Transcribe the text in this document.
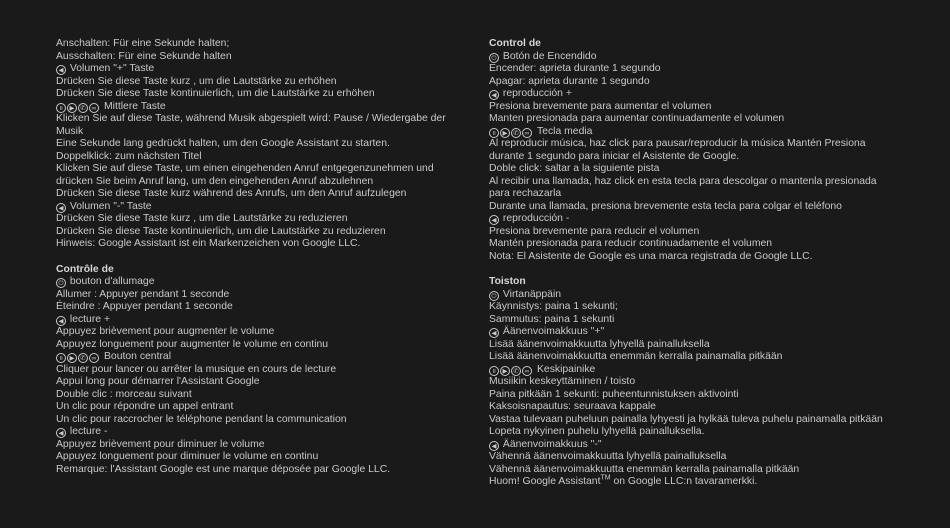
Anschalten: Für eine Sekunde halten;
Ausschalten: Für eine Sekunde halten
◀ Volumen "+" Taste
Drücken Sie diese Taste kurz , um die Lautstärke zu erhöhen
Drücken Sie diese Taste kontinuierlich, um die Lautstärke zu erhöhen
॥ ▶ ✆ ∞ Mittlere Taste
Klicken Sie auf diese Taste, während Musik abgespielt wird: Pause / Wiedergabe der Musik
Eine Sekunde lang gedrückt halten, um den Google Assistant zu starten.
Doppelklick: zum nächsten Titel
Klicken Sie auf diese Taste, um einen eingehenden Anruf entgegenzunehmen und drücken Sie beim Anruf lang, um den eingehenden Anruf abzulehnen
Drücken Sie diese Taste kurz während des Anrufs, um den Anruf aufzulegen
◀ Volumen "-" Taste
Drücken Sie diese Taste kurz , um die Lautstärke zu reduzieren
Drücken Sie diese Taste kontinuierlich, um die Lautstärke zu reduzieren
Hinweis: Google Assistant ist ein Markenzeichen von Google LLC.
Contrôle de
⏻ bouton d'allumage
Allumer : Appuyer pendant 1 seconde
Éteindre : Appuyer pendant 1 seconde
◀ lecture +
Appuyez brièvement pour augmenter le volume
Appuyez longuement pour augmenter le volume en continu
॥ ▶ ✆ ∞ Bouton central
Cliquer pour lancer ou arrêter la musique en cours de lecture
Appui long pour démarrer l'Assistant Google
Double clic : morceau suivant
Un clic pour répondre un appel entrant
Un clic pour raccrocher le téléphone pendant la communication
◀ lecture -
Appuyez brièvement pour diminuer le volume
Appuyez longuement pour diminuer le volume en continu
Remarque: l'Assistant Google est une marque déposée par Google LLC.
Control de
⏻ Botón de Encendido
Encender: aprieta durante 1 segundo
Apagar: aprieta durante 1 segundo
◀ reproducción +
Presiona brevemente para aumentar el volumen
Manten presionada para aumentar continuadamente el volumen
॥ ▶ ✆ ∞ Tecla media
Al reproducir música, haz click para pausar/reproducir la música Mantén Presiona durante 1 segundo para iniciar el Asistente de Google.
Doble click: saltar a la siguiente pista
Al recibir una llamada, haz click en esta tecla para descolgar o mantenla presionada para rechazarla
Durante una llamada, presiona brevemente esta tecla para colgar el teléfono
◀ reproducción -
Presiona brevemente para reducir el volumen
Mantén presionada para reducir continuadamente el volumen
Nota: El Asistente de Google es una marca registrada de Google LLC.
Toiston
⏻ Virtanäppäin
Käynnistys: paina 1 sekunti;
Sammutus: paina 1 sekunti
◀ Äänenvoimakkuus "+"
Lisää äänenvoimakkuutta lyhyellä painalluksella
Lisää äänenvoimakkuutta enemmän kerralla painamalla pitkään
॥ ▶ ✆ ∞ Keskipainike
Musiikin keskeyttäminen / toisto
Paina pitkään 1 sekunti: puheentunnistuksen aktivointi
Kaksoisnapautus: seuraava kappale
Vastaa tulevaan puheluun painalla lyhyesti ja hylkää tuleva puhelu painamalla pitkään
Lopeta nykyinen puhelu lyhyellä painalluksella.
◀ Äänenvoimakkuus "-"
Vähennä äänenvoimakkuutta lyhyellä painalluksella
Vähennä äänenvoimakkuutta enemmän kerralla painamalla pitkään
Huom! Google Assistant™ on Google LLC:n tavaramerkki.
